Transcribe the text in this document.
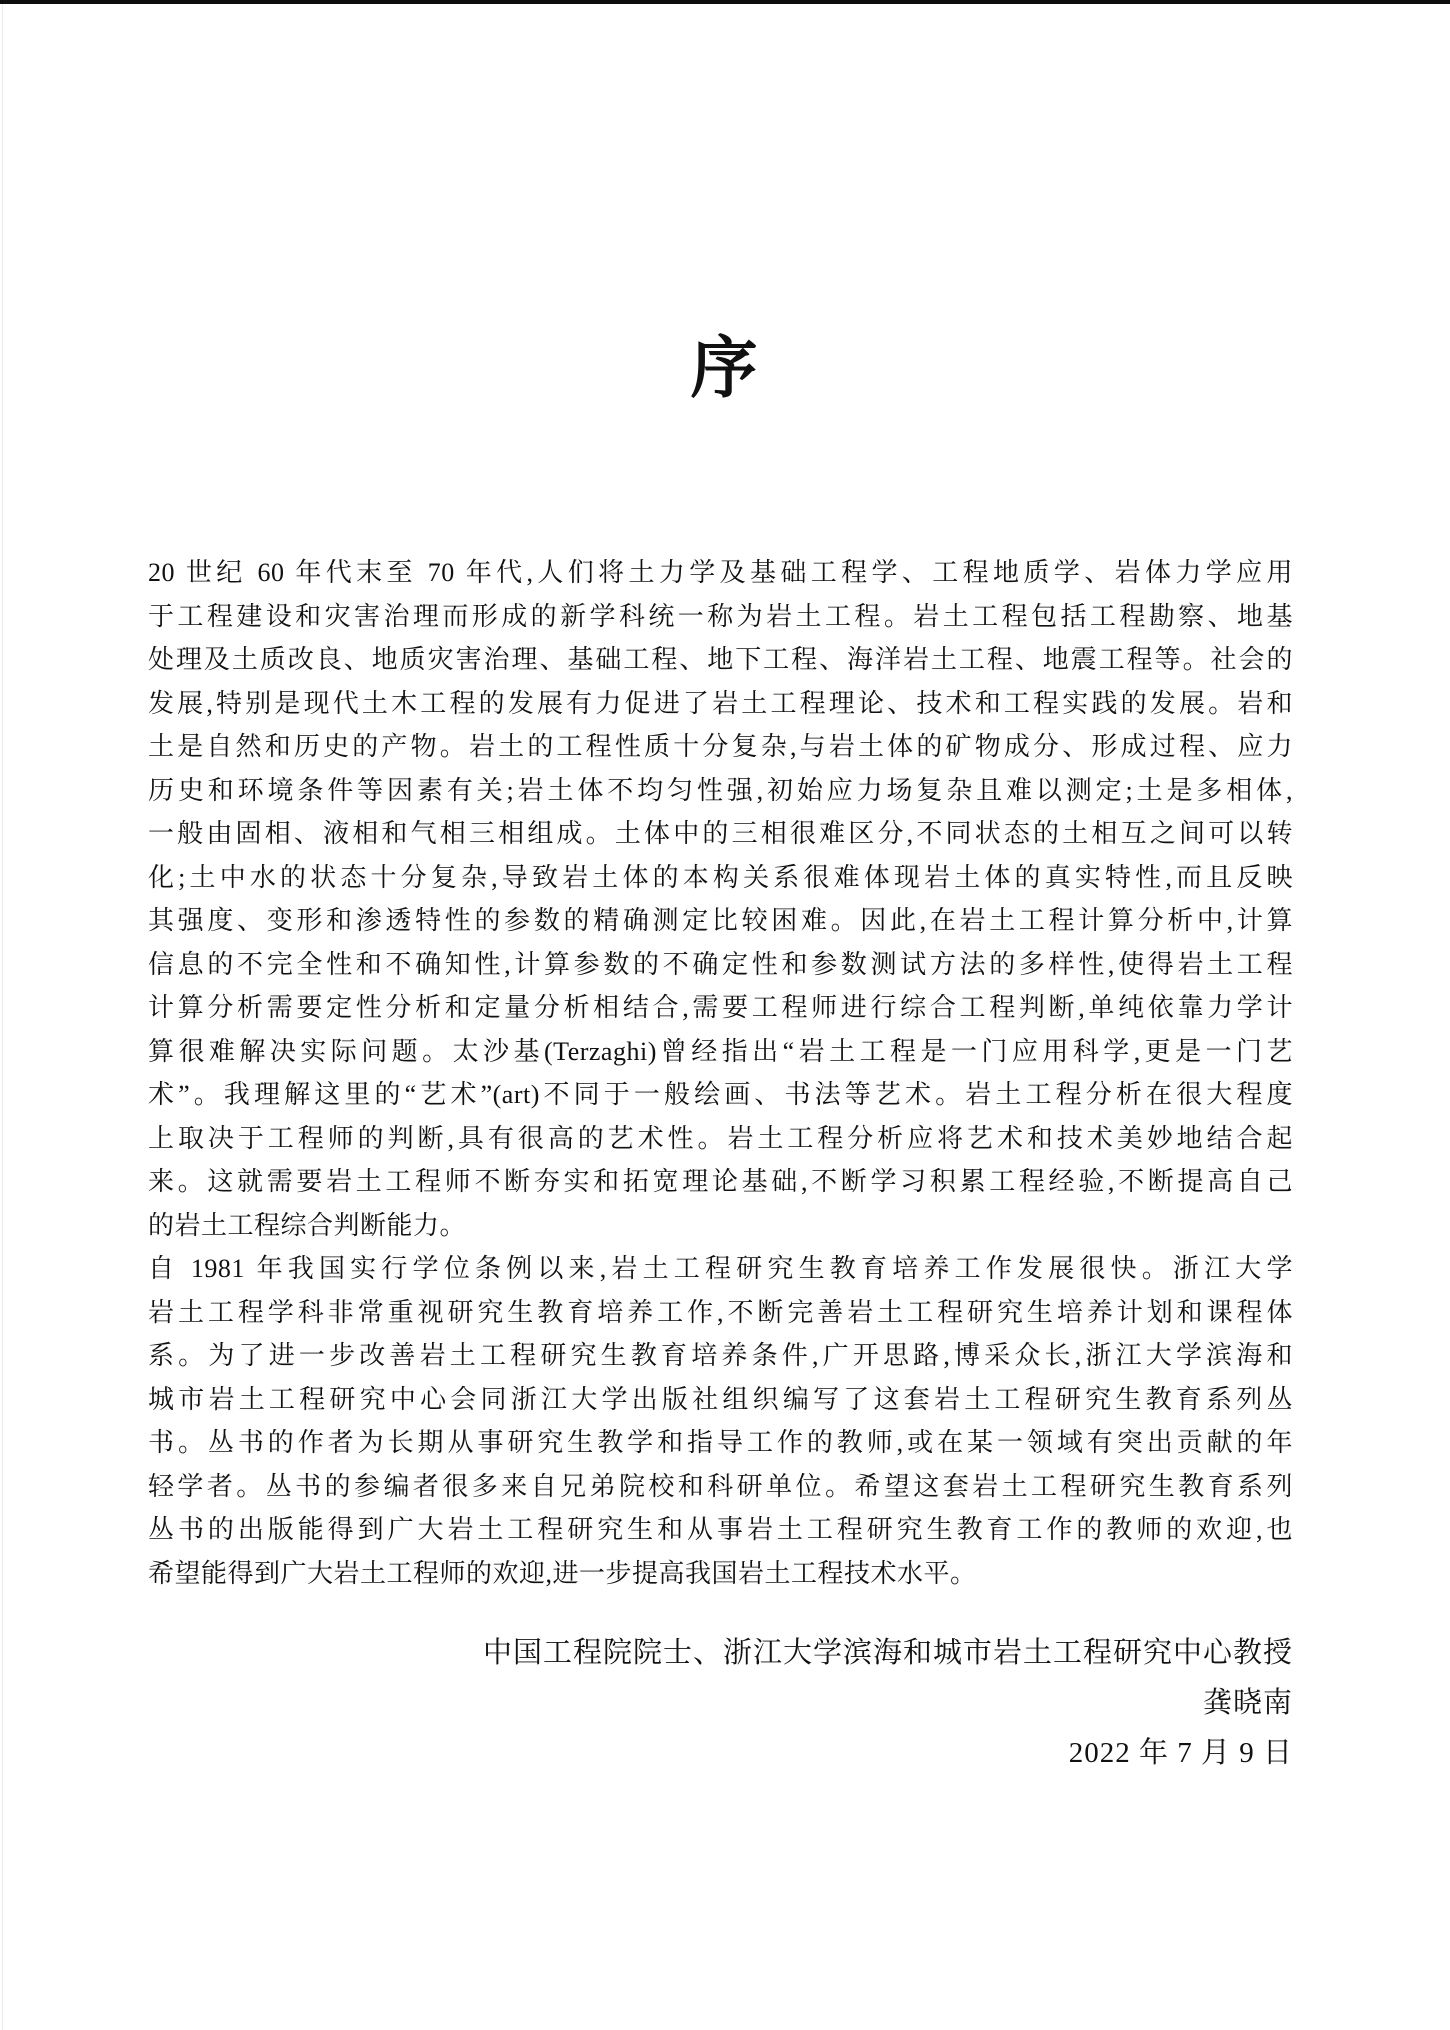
序
20 世纪 60 年代末至 70 年代,人们将土力学及基础工程学、工程地质学、岩体力学应用
于工程建设和灾害治理而形成的新学科统一称为岩土工程。岩土工程包括工程勘察、地基
处理及土质改良、地质灾害治理、基础工程、地下工程、海洋岩土工程、地震工程等。社会的
发展,特别是现代土木工程的发展有力促进了岩土工程理论、技术和工程实践的发展。岩和
土是自然和历史的产物。岩土的工程性质十分复杂,与岩土体的矿物成分、形成过程、应力
历史和环境条件等因素有关;岩土体不均匀性强,初始应力场复杂且难以测定;土是多相体,
一般由固相、液相和气相三相组成。土体中的三相很难区分,不同状态的土相互之间可以转
化;土中水的状态十分复杂,导致岩土体的本构关系很难体现岩土体的真实特性,而且反映
其强度、变形和渗透特性的参数的精确测定比较困难。因此,在岩土工程计算分析中,计算
信息的不完全性和不确知性,计算参数的不确定性和参数测试方法的多样性,使得岩土工程
计算分析需要定性分析和定量分析相结合,需要工程师进行综合工程判断,单纯依靠力学计
算很难解决实际问题。太沙基(Terzaghi)曾经指出“岩土工程是一门应用科学,更是一门艺
术”。我理解这里的“艺术”(art)不同于一般绘画、书法等艺术。岩土工程分析在很大程度
上取决于工程师的判断,具有很高的艺术性。岩土工程分析应将艺术和技术美妙地结合起
来。这就需要岩土工程师不断夯实和拓宽理论基础,不断学习积累工程经验,不断提高自己
的岩土工程综合判断能力。
自 1981 年我国实行学位条例以来,岩土工程研究生教育培养工作发展很快。浙江大学
岩土工程学科非常重视研究生教育培养工作,不断完善岩土工程研究生培养计划和课程体
系。为了进一步改善岩土工程研究生教育培养条件,广开思路,博采众长,浙江大学滨海和
城市岩土工程研究中心会同浙江大学出版社组织编写了这套岩土工程研究生教育系列丛
书。丛书的作者为长期从事研究生教学和指导工作的教师,或在某一领域有突出贡献的年
轻学者。丛书的参编者很多来自兄弟院校和科研单位。希望这套岩土工程研究生教育系列
丛书的出版能得到广大岩土工程研究生和从事岩土工程研究生教育工作的教师的欢迎,也
希望能得到广大岩土工程师的欢迎,进一步提高我国岩土工程技术水平。
中国工程院院士、浙江大学滨海和城市岩土工程研究中心教授
龚晓南
2022 年 7 月 9 日
